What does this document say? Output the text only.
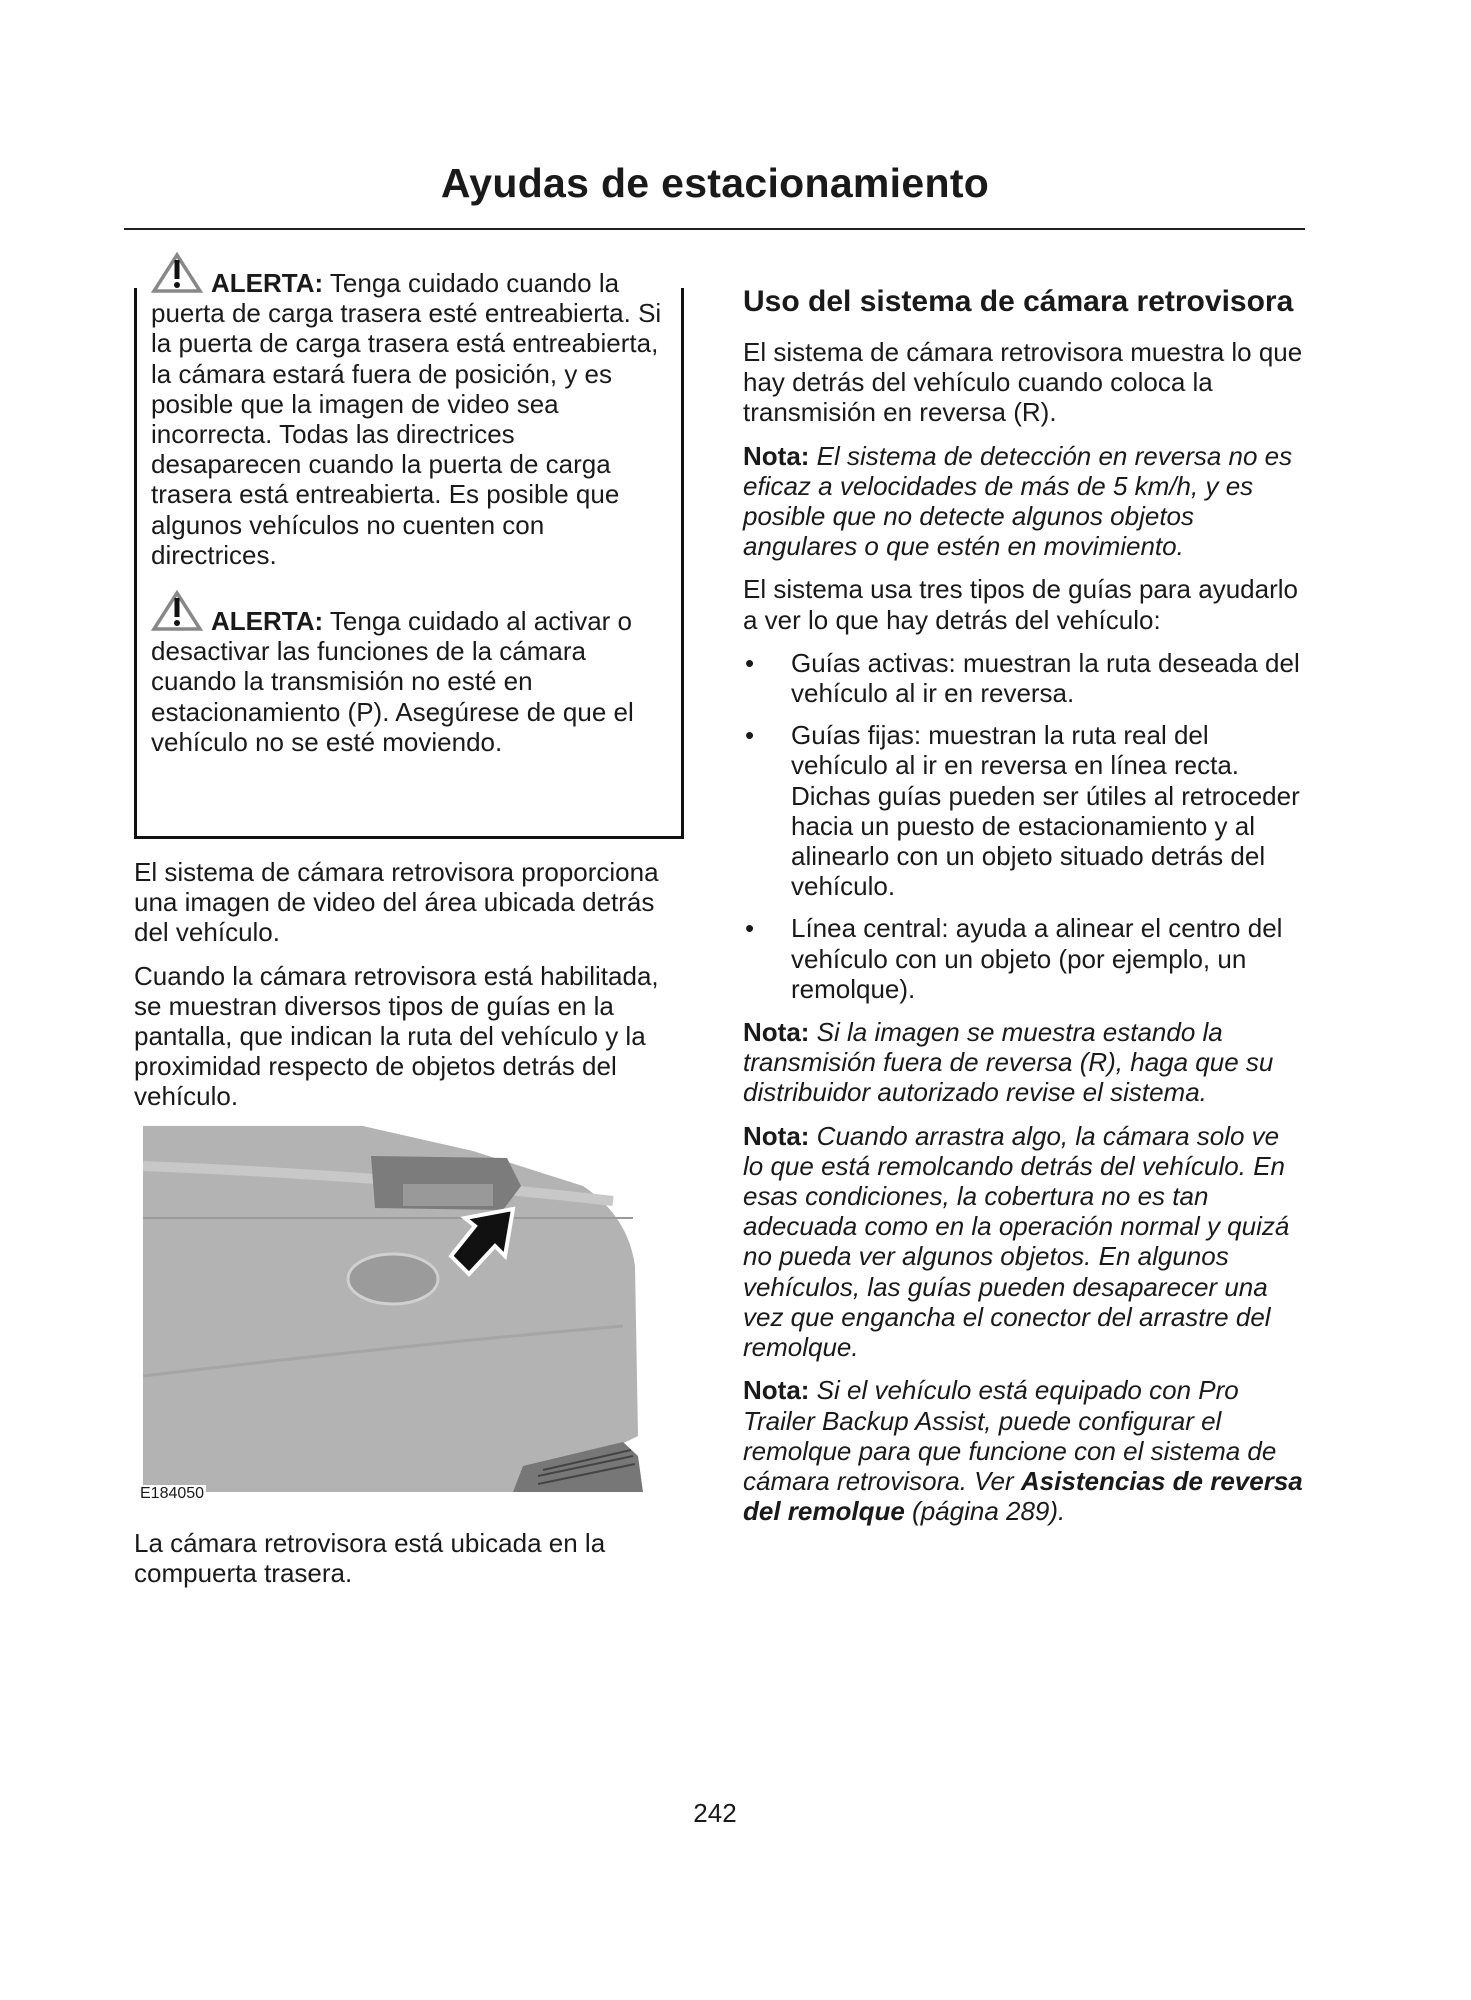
Ayudas de estacionamiento
ALERTA: Tenga cuidado cuando la puerta de carga trasera esté entreabierta. Si la puerta de carga trasera está entreabierta, la cámara estará fuera de posición, y es posible que la imagen de video sea incorrecta. Todas las directrices desaparecen cuando la puerta de carga trasera está entreabierta. Es posible que algunos vehículos no cuenten con directrices.
ALERTA: Tenga cuidado al activar o desactivar las funciones de la cámara cuando la transmisión no esté en estacionamiento (P). Asegúrese de que el vehículo no se esté moviendo.

El sistema de cámara retrovisora proporciona una imagen de video del área ubicada detrás del vehículo.

Cuando la cámara retrovisora está habilitada, se muestran diversos tipos de guías en la pantalla, que indican la ruta del vehículo y la proximidad respecto de objetos detrás del vehículo.

E184050
La cámara retrovisora está ubicada en la compuerta trasera.
Uso del sistema de cámara retrovisora

El sistema de cámara retrovisora muestra lo que hay detrás del vehículo cuando coloca la transmisión en reversa (R).

Nota: El sistema de detección en reversa no es eficaz a velocidades de más de 5 km/h, y es posible que no detecte algunos objetos angulares o que estén en movimiento.

El sistema usa tres tipos de guías para ayudarlo a ver lo que hay detrás del vehículo:

• Guías activas: muestran la ruta deseada del vehículo al ir en reversa.
• Guías fijas: muestran la ruta real del vehículo al ir en reversa en línea recta. Dichas guías pueden ser útiles al retroceder hacia un puesto de estacionamiento y al alinearlo con un objeto situado detrás del vehículo.
• Línea central: ayuda a alinear el centro del vehículo con un objeto (por ejemplo, un remolque).

Nota: Si la imagen se muestra estando la transmisión fuera de reversa (R), haga que su distribuidor autorizado revise el sistema.

Nota: Cuando arrastra algo, la cámara solo ve lo que está remolcando detrás del vehículo. En esas condiciones, la cobertura no es tan adecuada como en la operación normal y quizá no pueda ver algunos objetos. En algunos vehículos, las guías pueden desaparecer una vez que engancha el conector del arrastre del remolque.

Nota: Si el vehículo está equipado con Pro Trailer Backup Assist, puede configurar el remolque para que funcione con el sistema de cámara retrovisora. Ver Asistencias de reversa del remolque (página 289).

242
